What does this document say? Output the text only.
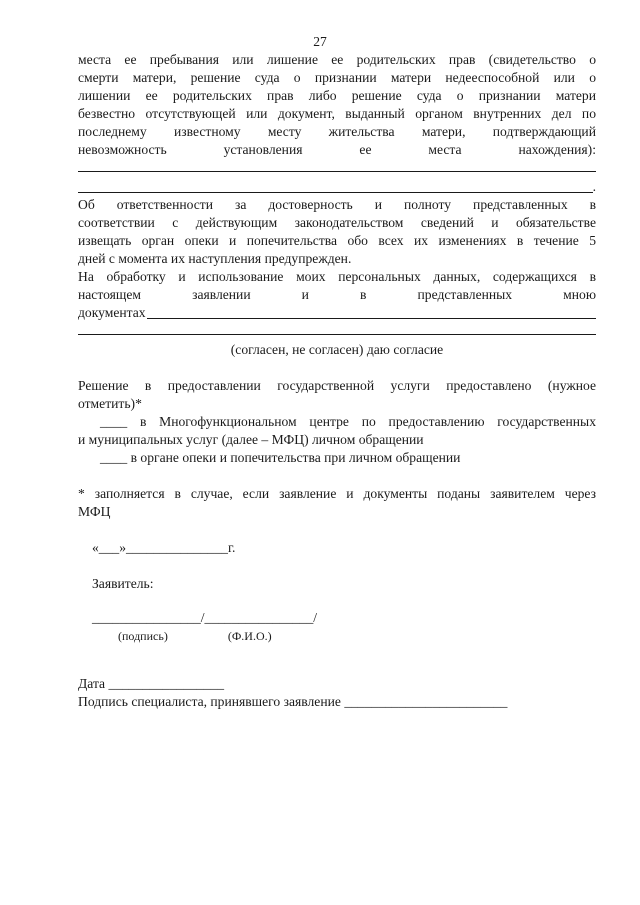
27

места ее пребывания или лишение ее родительских прав (свидетельство о

смерти матери, решение суда о признании матери недееспособной или о

лишении ее родительских прав либо решение суда о признании матери

безвестно отсутствующей или документ, выданный органом внутренних дел по

последнему известному месту жительства матери, подтверждающий

невозможность установления ее места нахождения):

.

Об ответственности за достоверность и полноту представленных в

соответствии с действующим законодательством сведений и обязательстве

извещать орган опеки и попечительства обо всех их изменениях в течение 5

дней с момента их наступления предупрежден.

На обработку и использование моих персональных данных, содержащихся в

настоящем заявлении и в представленных мною

документах

(согласен, не согласен) даю согласие

Решение в предоставлении государственной услуги предоставлено (нужное

отметить)*

____ в Многофункциональном центре по предоставлению государственных

и муниципальных услуг (далее – МФЦ) личном обращении

____ в органе опеки и попечительства при личном обращении

* заполняется в случае, если заявление и документы поданы заявителем через

МФЦ

«___»_______________г.

Заявитель:

________________/________________/

(подпись)	(Ф.И.О.)

Дата _________________

Подпись специалиста, принявшего заявление ________________________
